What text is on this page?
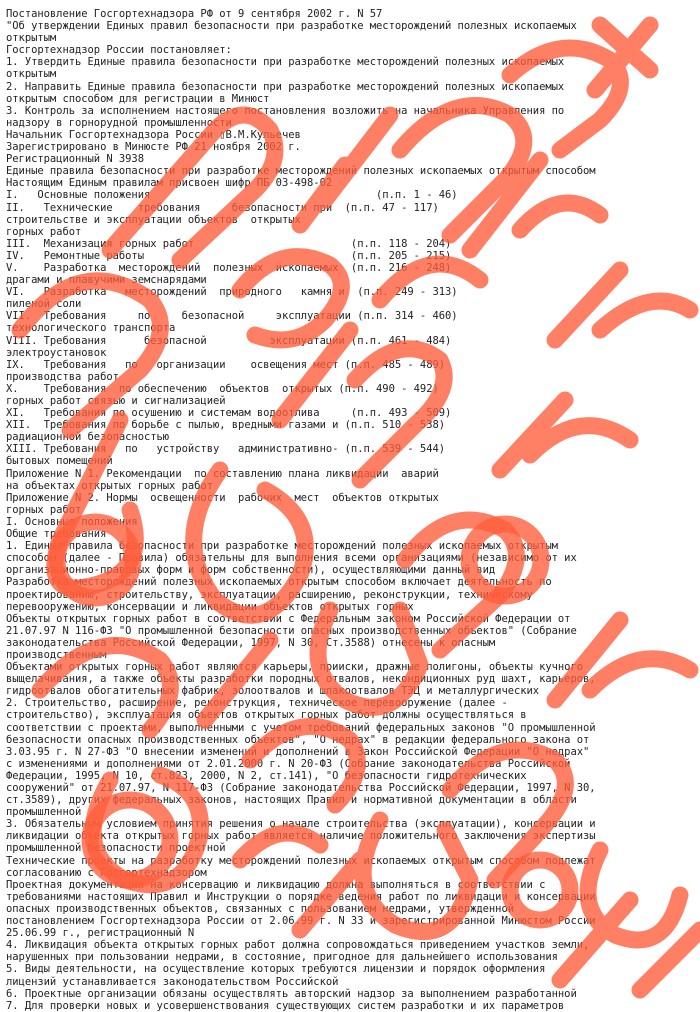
Постановление Госгортехнадзора РФ от 9 сентября 2002 г. N 57
"Об утверждении Единых правил безопасности при разработке месторождений полезных ископаемых
открытым
Госгортехнадзор России постановляет:
1. Утвердить Единые правила безопасности при разработке месторождений полезных ископаемых
открытым
2. Направить Единые правила безопасности при разработке месторождений полезных ископаемых
открытым способом для регистрации в Минюст
3. Контроль за исполнением настоящего постановления возложить на начальника Управления по
надзору в горнорудной промышленности
Начальник Госгортехнадзора России ▯В.М.Кульечев
Зарегистрировано в Минюсте РФ 21 ноября 2002 г.
Регистрационный N 3938
Единые правила безопасности при разработке месторождений полезных ископаемых открытым способом
Настоящим Единым правилам присвоен шифр ПБ 03-498-02
I.   Основные положения                                    (п.п. 1 - 46)
II.   Технические    требования     безопасности при  (п.п. 47 - 117)
строительстве и эксплуатации объектов  открытых
горных работ
III.  Механизация горных работ                         (п.п. 118 - 204)
IV.   Ремонтные работы                                 (п.п. 205 - 215)
V.    Разработка  месторождений  полезных  ископаемых  (п.п. 216 - 248)
драгами и плавучими земснарядами
VI.   Разработка   месторождений  природного   камня и  (п.п. 249 - 313)
пиленой соли
VII.  Требования     по     безопасной     эксплуатации (п.п. 314 - 460)
технологического транспорта
VIII. Требования      безопасной          эксплуатации (п.п. 461 - 484)
электроустановок
IX.   Требования   по   организации    освещения мест (п.п. 485 - 489)
производства работ
X.    Требования  по обеспечению  объектов  открытых (п.п. 490 - 492)
горных работ связью и сигнализацией
XI.   Требования по осушению и системам водоотлива     (п.п. 493 - 509)
XII.  Требования по борьбе с пылью, вредными газами и (п.п. 510 - 538)
радиационной безопасностью
XIII. Требования   по   устройству   административно- (п.п. 539 - 544)
бытовых помещений
Приложение N 1. Рекомендации  по составлению плана ликвидации  аварий
на объектах открытых горных работ
Приложение N 2. Нормы  освещенности  рабочих  мест  объектов открытых
горных работ
I. Основные положения
Общие требования
1. Единые правила безопасности при разработке месторождений полезных ископаемых открытым
способом (далее - Правила) обязательны для выполнения всеми организациями (независимо от их
организационно-правовых форм и форм собственности), осуществляющими данный вид
Разработка месторождений полезных ископаемых открытым способом включает деятельность по
проектированию, строительству, эксплуатации, расширению, реконструкции, техническому
перевооружению, консервации и ликвидации объектов открытых горных
Объекты открытых горных работ в соответствии с Федеральным законом Российской Федерации от
21.07.97 N 116-ФЗ "О промышленной безопасности опасных производственных объектов" (Собрание
законодательства Российской Федерации, 1997, N 30, Ст.3588) отнесены к опасным
производственным
Объектами открытых горных работ являются карьеры, прииски, дражные полигоны, объекты кучного
выщелачивания, а также объекты разработки породных отвалов, некондиционных руд шахт, карьеров,
гидроотвалов обогатительных фабрик, золоотвалов и шлакоотвалов ТЭЦ и металлургических
2. Строительство, расширение, реконструкция, техническое перевооружение (далее -
строительство), эксплуатация объектов открытых горных работ должны осуществляться в
соответствии с проектами, выполненными с учетом требований федеральных законов "О промышленной
безопасности опасных производственных объектов", "О недрах" в редакции федерального закона от
3.03.95 г. N 27-ФЗ "О внесении изменений и дополнений в Закон Российской Федерации "О недрах"
с изменениями и дополнениями от 2.01.2000 г. N 20-ФЗ (Собрание законодательства Российской
Федерации, 1995, N 10, ст.823, 2000, N 2, ст.141), "О безопасности гидротехнических
сооружений" от 21.07.97, N 117-ФЗ (Собрание законодательства Российской Федерации, 1997, N 30,
ст.3589), других федеральных законов, настоящих Правил и нормативной документации в области
промышленной
3. Обязательным условием принятия решения о начале строительства (эксплуатации), консервации и
ликвидации объекта открытых горных работ является наличие положительного заключения экспертизы
промышленной безопасности проектной
Технические проекты на разработку месторождений полезных ископаемых открытым способом подлежат
согласованию с Госгортехнадзором
Проектная документация на консервацию и ликвидацию должна выполняться в соответствии с
требованиями настоящих Правил и Инструкции о порядке ведения работ по ликвидации и консервации
опасных производственных объектов, связанных с пользованием недрами, утвержденной
постановлением Госгортехнадзора России от 2.06.99 г. N 33 и зарегистрированной Минюстом России
25.06.99 г., регистрационный N
4. Ликвидация объекта открытых горных работ должна сопровождаться приведением участков земли,
нарушенных при пользовании недрами, в состояние, пригодное для дальнейшего использования
5. Виды деятельности, на осуществление которых требуются лицензии и порядок оформления
лицензий устанавливается законодательством Российской
6. Проектные организации обязаны осуществлять авторский надзор за выполнением разработанной
7. Для проверки новых и усовершенствования существующих систем разработки и их параметров
